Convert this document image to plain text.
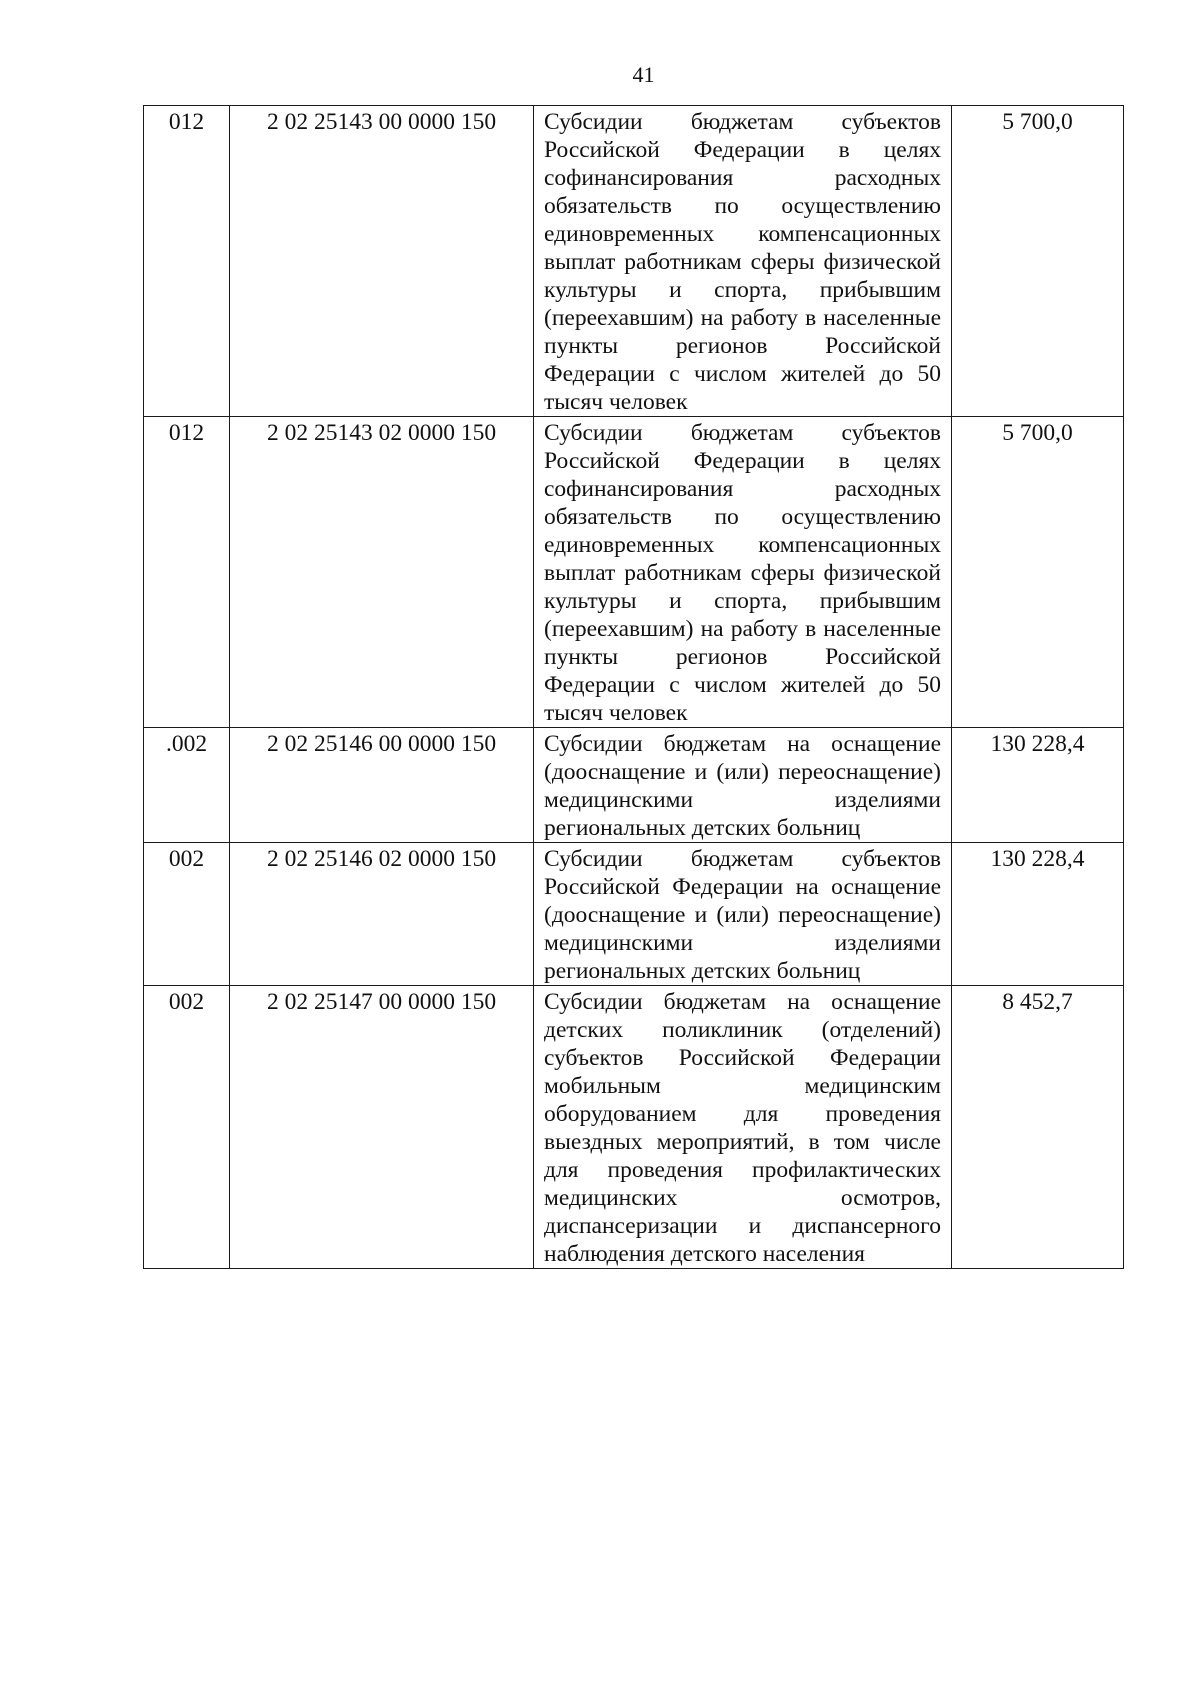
41
012	2 02 25143 00 0000 150	Субсидии бюджетам субъектов Российской Федерации в целях софинансирования расходных обязательств по осуществлению единовременных компенсационных выплат работникам сферы физической культуры и спорта, прибывшим (переехавшим) на работу в населенные пункты регионов Российской Федерации с числом жителей до 50 тысяч человек	5 700,0
012	2 02 25143 02 0000 150	Субсидии бюджетам субъектов Российской Федерации в целях софинансирования расходных обязательств по осуществлению единовременных компенсационных выплат работникам сферы физической культуры и спорта, прибывшим (переехавшим) на работу в населенные пункты регионов Российской Федерации с числом жителей до 50 тысяч человек	5 700,0
.002	2 02 25146 00 0000 150	Субсидии бюджетам на оснащение (дооснащение и (или) переоснащение) медицинскими изделиями региональных детских больниц	130 228,4
002	2 02 25146 02 0000 150	Субсидии бюджетам субъектов Российской Федерации на оснащение (дооснащение и (или) переоснащение) медицинскими изделиями региональных детских больниц	130 228,4
002	2 02 25147 00 0000 150	Субсидии бюджетам на оснащение детских поликлиник (отделений) субъектов Российской Федерации мобильным медицинским оборудованием для проведения выездных мероприятий, в том числе для проведения профилактических медицинских осмотров, диспансеризации и диспансерного наблюдения детского населения	8 452,7
